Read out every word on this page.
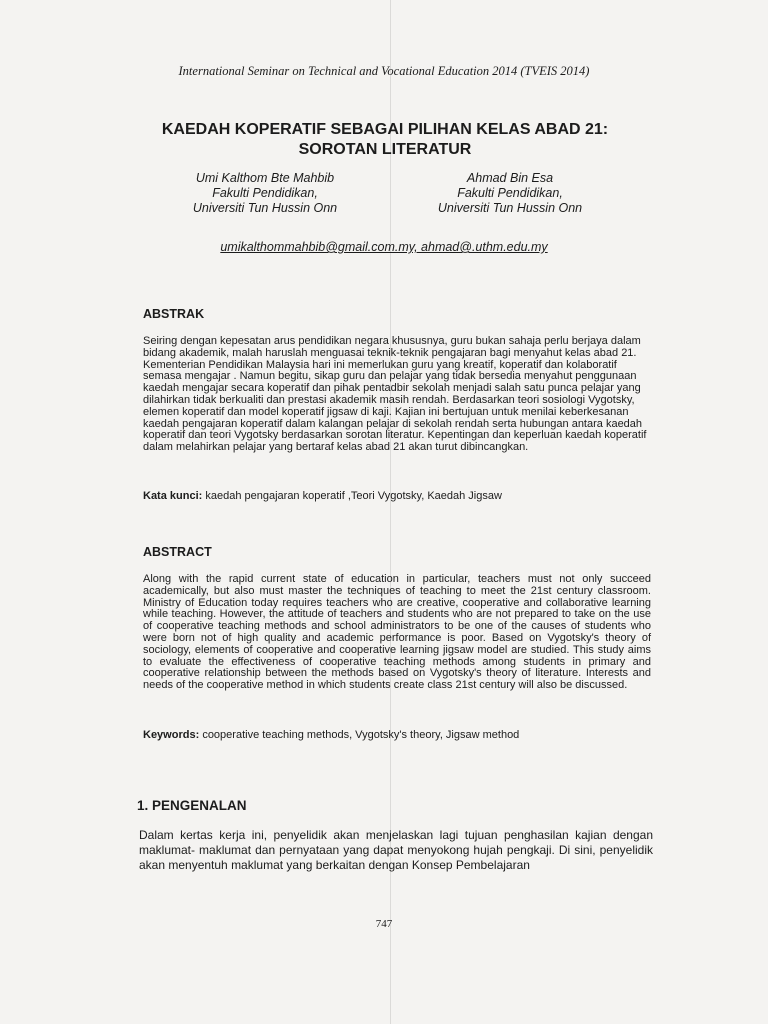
International Seminar on Technical and Vocational Education 2014 (TVEIS 2014)
KAEDAH KOPERATIF SEBAGAI PILIHAN KELAS ABAD 21:
SOROTAN LITERATUR
Umi Kalthom Bte Mahbib
Fakulti Pendidikan,
Universiti Tun Hussin Onn
Ahmad Bin Esa
Fakulti Pendidikan,
Universiti Tun Hussin Onn
umikalthommahbib@gmail.com.my, ahmad@.uthm.edu.my
ABSTRAK

Seiring dengan kepesatan arus pendidikan negara khususnya, guru bukan sahaja perlu berjaya dalam bidang akademik, malah haruslah menguasai teknik-teknik pengajaran bagi menyahut kelas abad 21. Kementerian Pendidikan Malaysia hari ini memerlukan guru yang kreatif, koperatif dan kolaboratif semasa mengajar . Namun begitu, sikap guru dan pelajar yang tidak bersedia menyahut penggunaan kaedah mengajar secara koperatif dan pihak pentadbir sekolah menjadi salah satu punca pelajar yang dilahirkan tidak berkualiti dan prestasi akademik masih rendah. Berdasarkan teori sosiologi Vygotsky, elemen koperatif dan model koperatif jigsaw di kaji. Kajian ini bertujuan untuk menilai keberkesanan kaedah pengajaran koperatif dalam kalangan pelajar di sekolah rendah serta hubungan antara kaedah koperatif dan teori Vygotsky berdasarkan sorotan literatur. Kepentingan dan keperluan kaedah koperatif dalam melahirkan pelajar yang bertaraf kelas abad 21 akan turut dibincangkan.

Kata kunci: kaedah pengajaran koperatif ,Teori Vygotsky, Kaedah Jigsaw
ABSTRACT

Along with the rapid current state of education in particular, teachers must not only succeed academically, but also must master the techniques of teaching to meet the 21st century classroom. Ministry of Education today requires teachers who are creative, cooperative and collaborative learning while teaching. However, the attitude of teachers and students who are not prepared to take on the use of cooperative teaching methods and school administrators to be one of the causes of students who were born not of high quality and academic performance is poor. Based on Vygotsky's theory of sociology, elements of cooperative and cooperative learning jigsaw model are studied. This study aims to evaluate the effectiveness of cooperative teaching methods among students in primary and cooperative relationship between the methods based on Vygotsky's theory of literature. Interests and needs of the cooperative method in which students create class 21st century will also be discussed.

Keywords: cooperative teaching methods, Vygotsky's theory, Jigsaw method
1. PENGENALAN

Dalam kertas kerja ini, penyelidik akan menjelaskan lagi tujuan penghasilan kajian dengan maklumat- maklumat dan pernyataan yang dapat menyokong hujah pengkaji. Di sini, penyelidik akan menyentuh maklumat yang berkaitan dengan Konsep Pembelajaran

747
